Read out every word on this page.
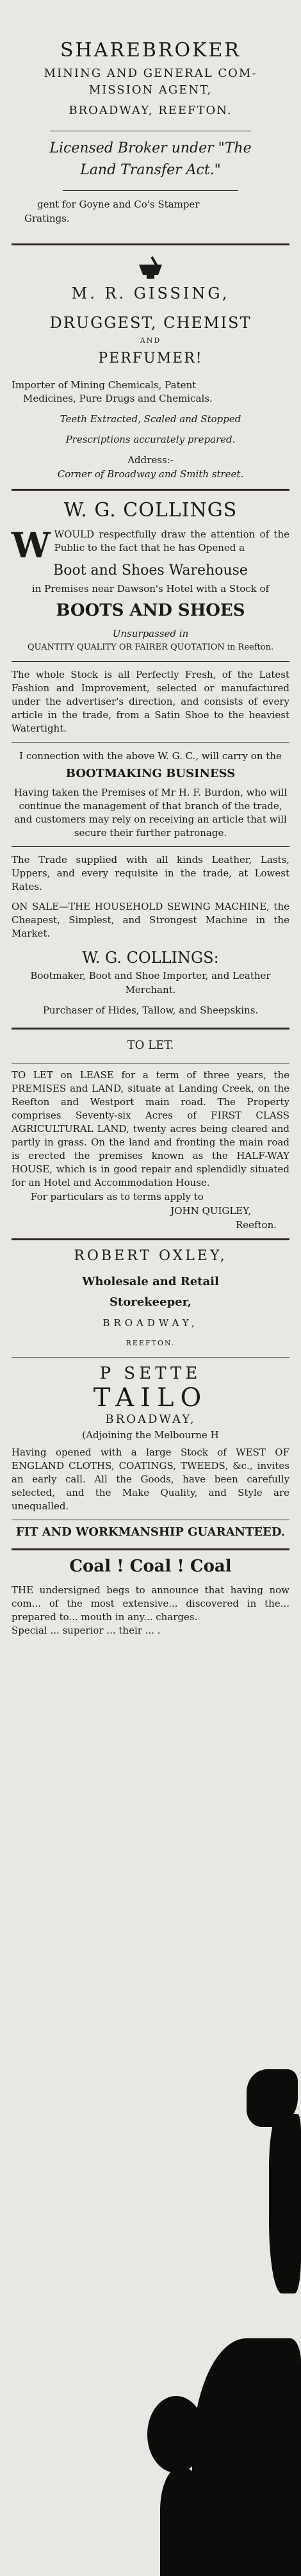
SHAREBROKER
MINING AND GENERAL COM-
MISSION AGENT,
BROADWAY, REEFTON.
Licensed Broker under "The
Land Transfer Act."
gent for Goyne and Co's Stamper
Gratings.
M. R. GISSING,
DRUGGEST, CHEMIST
AND
PERFUMER!
Importer of Mining Chemicals, Patent
Medicines, Pure Drugs and Chemicals.
Teeth Extracted, Scaled and Stopped
Prescriptions accurately prepared.
Address:-
Corner of Broadway and Smith street.
W. G. COLLINGS

WWOULD respectfully draw the attention of the Public to the fact that he has Opened a

Boot and Shoes Warehouse
in Premises near Dawson's Hotel with a Stock of
BOOTS AND SHOES
Unsurpassed in
QUANTITY QUALITY OR FAIRER QUOTATION in Reefton.

The whole Stock is all Perfectly Fresh, of the Latest Fashion and Improvement, selected or manufactured under the advertiser's direction, and consists of every article in the trade, from a Satin Shoe to the heaviest Watertight.

I connection with the above W. G. C., will carry on the
BOOTMAKING BUSINESS

Having taken the Premises of Mr H. F. Burdon, who will continue the management of that branch of the trade, and customers may rely on receiving an article that will secure their further patronage.

The Trade supplied with all kinds Leather, Lasts, Uppers, and every requisite in the trade, at Lowest Rates.

ON SALE—THE HOUSEHOLD SEWING MACHINE, the Cheapest, Simplest, and Strongest Machine in the Market.

W. G. COLLINGS:
Bootmaker, Boot and Shoe Importer, and Leather Merchant.
Purchaser of Hides, Tallow, and Sheepskins.
TO LET.

TO LET on LEASE for a term of three years, the PREMISES and LAND, situate at Landing Creek, on the Reefton and Westport main road. The Property comprises Seventy-six Acres of FIRST CLASS AGRICULTURAL LAND, twenty acres being cleared and partly in grass. On the land and fronting the main road is erected the premises known as the HALF-WAY HOUSE, which is in good repair and splendidly situated for an Hotel and Accommodation House.

For particulars as to terms apply to
JOHN QUIGLEY,
Reefton.
ROBERT OXLEY,
Wholesale and Retail
Storekeeper,
BROADWAY,
REEFTON.
P SETTE
TAILO
BROADWAY,
(Adjoining the Melbourne H

Having opened with a large Stock of WEST OF ENGLAND CLOTHS, COATINGS, TWEEDS, &c., invites an early call. All the Goods, have been carefully selected, and the Make Quality, and Style are unequalled.

FIT AND WORKMANSHIP GUARANTEED.
Coal ! Coal ! Coal

THE undersigned begs to announce that having now com... of the most extensive... discovered in the... prepared to... mouth in any... charges.

Special ... superior ... their ... .
